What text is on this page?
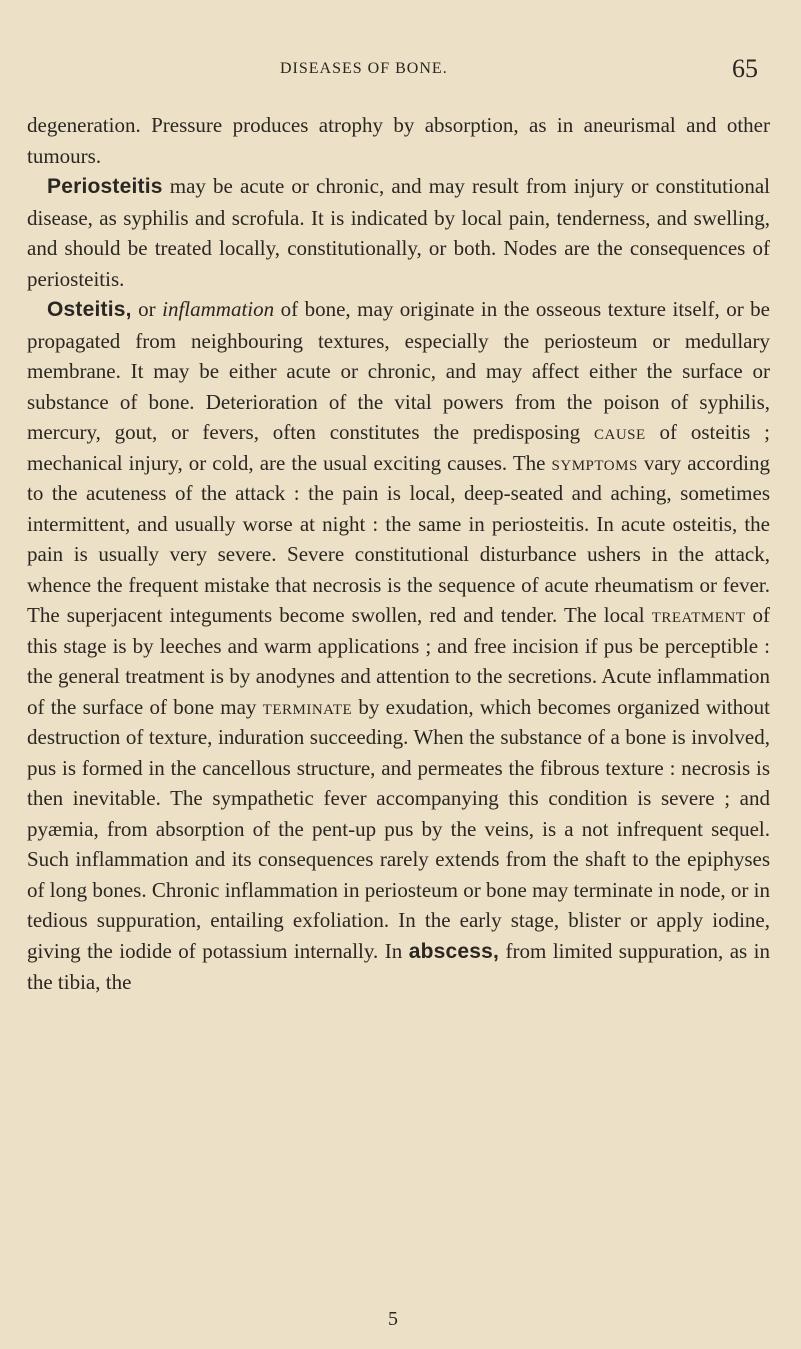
DISEASES OF BONE.	65

degeneration. Pressure produces atrophy by absorption, as in aneurismal and other tumours.

Periosteitis may be acute or chronic, and may result from injury or constitutional disease, as syphilis and scrofula. It is indicated by local pain, tenderness, and swelling, and should be treated locally, constitutionally, or both. Nodes are the consequences of periosteitis.

Osteitis, or inflammation of bone, may originate in the osseous texture itself, or be propagated from neighbouring textures, especially the periosteum or medullary membrane. It may be either acute or chronic, and may affect either the surface or substance of bone. Deterioration of the vital powers from the poison of syphilis, mercury, gout, or fevers, often constitutes the predisposing cause of osteitis ; mechanical injury, or cold, are the usual exciting causes. The symptoms vary according to the acuteness of the attack : the pain is local, deep-seated and aching, sometimes intermittent, and usually worse at night : the same in periosteitis. In acute osteitis, the pain is usually very severe. Severe constitutional disturbance ushers in the attack, whence the frequent mistake that necrosis is the sequence of acute rheumatism or fever. The superjacent integuments become swollen, red and tender. The local treatment of this stage is by leeches and warm applications ; and free incision if pus be perceptible : the general treatment is by anodynes and attention to the secretions. Acute inflammation of the surface of bone may terminate by exudation, which becomes organized without destruction of texture, induration succeeding. When the substance of a bone is involved, pus is formed in the cancellous structure, and permeates the fibrous texture : necrosis is then inevitable. The sympathetic fever accompanying this condition is severe ; and pyæmia, from absorption of the pent-up pus by the veins, is a not infrequent sequel. Such inflammation and its consequences rarely extends from the shaft to the epiphyses of long bones. Chronic inflammation in periosteum or bone may terminate in node, or in tedious suppuration, entailing exfoliation. In the early stage, blister or apply iodine, giving the iodide of potassium internally. In abscess, from limited suppuration, as in the tibia, the

5
